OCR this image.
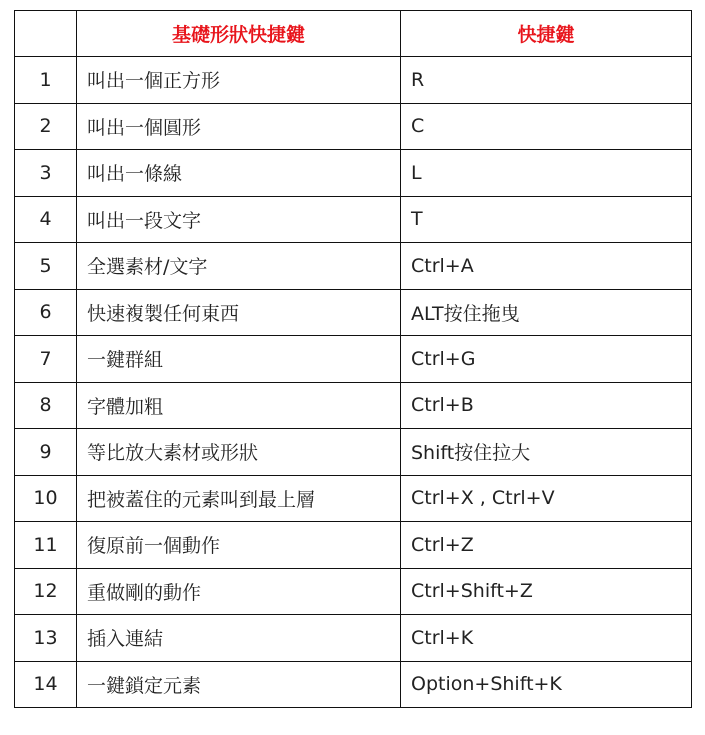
	基礎形狀快捷鍵	快捷鍵
1	叫出一個正方形	R
2	叫出一個圓形	C
3	叫出一條線	L
4	叫出一段文字	T
5	全選素材/文字	Ctrl+A
6	快速複製任何東西	ALT按住拖曳
7	一鍵群組	Ctrl+G
8	字體加粗	Ctrl+B
9	等比放大素材或形狀	Shift按住拉大
10	把被蓋住的元素叫到最上層	Ctrl+X , Ctrl+V
11	復原前一個動作	Ctrl+Z
12	重做剛的動作	Ctrl+Shift+Z
13	插入連結	Ctrl+K
14	一鍵鎖定元素	Option+Shift+K
